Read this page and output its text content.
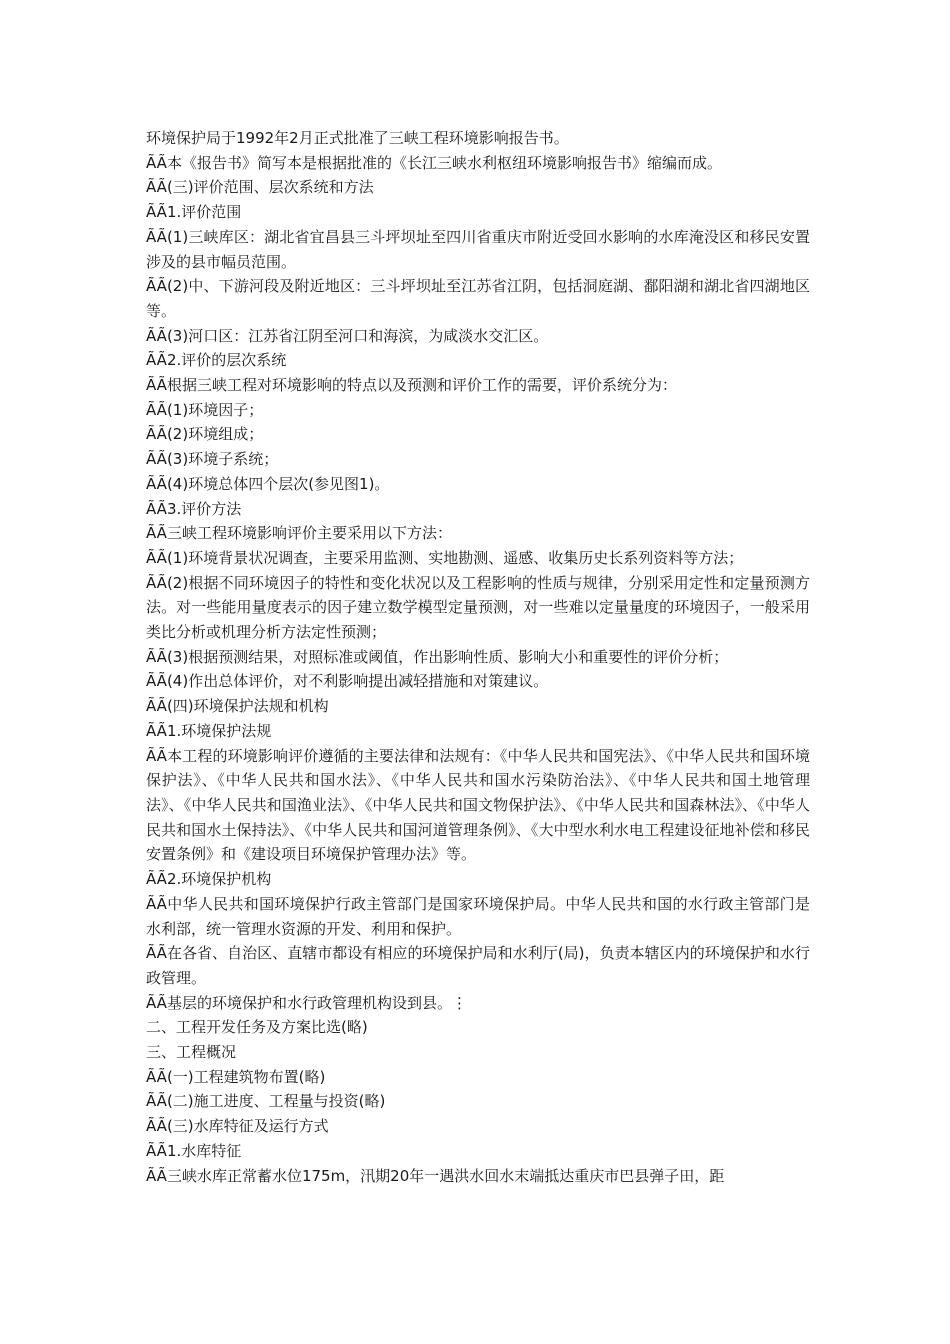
环境保护局于1992年2月正式批准了三峡工程环境影响报告书。

ÃÃ本《报告书》简写本是根据批准的《长江三峡水利枢纽环境影响报告书》缩编而成。

ÃÃ(三)评价范围、层次系统和方法

ÃÃ1.评价范围

ÃÃ(1)三峡库区：湖北省宜昌县三斗坪坝址至四川省重庆市附近受回水影响的水库淹没区和移民安置涉及的县市幅员范围。

ÃÃ(2)中、下游河段及附近地区：三斗坪坝址至江苏省江阴，包括洞庭湖、鄱阳湖和湖北省四湖地区等。

ÃÃ(3)河口区：江苏省江阴至河口和海滨，为咸淡水交汇区。

ÃÃ2.评价的层次系统

ÃÃ根据三峡工程对环境影响的特点以及预测和评价工作的需要，评价系统分为：

ÃÃ(1)环境因子；

ÃÃ(2)环境组成；

ÃÃ(3)环境子系统；

ÃÃ(4)环境总体四个层次(参见图1)。

ÃÃ3.评价方法

ÃÃ三峡工程环境影响评价主要采用以下方法：

ÃÃ(1)环境背景状况调查，主要采用监测、实地勘测、遥感、收集历史长系列资料等方法；

ÃÃ(2)根据不同环境因子的特性和变化状况以及工程影响的性质与规律，分别采用定性和定量预测方法。对一些能用量度表示的因子建立数学模型定量预测，对一些难以定量量度的环境因子，一般采用类比分析或机理分析方法定性预测；

ÃÃ(3)根据预测结果，对照标准或阈值，作出影响性质、影响大小和重要性的评价分析；

ÃÃ(4)作出总体评价，对不利影响提出减轻措施和对策建议。

ÃÃ(四)环境保护法规和机构

ÃÃ1.环境保护法规

ÃÃ本工程的环境影响评价遵循的主要法律和法规有：《中华人民共和国宪法》、《中华人民共和国环境保护法》、《中华人民共和国水法》、《中华人民共和国水污染防治法》、《中华人民共和国土地管理法》、《中华人民共和国渔业法》、《中华人民共和国文物保护法》、《中华人民共和国森林法》、《中华人民共和国水土保持法》、《中华人民共和国河道管理条例》、《大中型水利水电工程建设征地补偿和移民安置条例》和《建设项目环境保护管理办法》等。

ÃÃ2.环境保护机构

ÃÃ中华人民共和国环境保护行政主管部门是国家环境保护局。中华人民共和国的水行政主管部门是水利部，统一管理水资源的开发、利用和保护。

ÃÃ在各省、自治区、直辖市都设有相应的环境保护局和水利厅(局)，负责本辖区内的环境保护和水行政管理。

ÃÃ基层的环境保护和水行政管理机构设到县。⋮

二、工程开发任务及方案比选(略)

三、工程概况

ÃÃ(一)工程建筑物布置(略)

ÃÃ(二)施工进度、工程量与投资(略)

ÃÃ(三)水库特征及运行方式

ÃÃ1.水库特征

ÃÃ三峡水库正常蓄水位175m，汛期20年一遇洪水回水末端抵达重庆市巴县弹子田，距
